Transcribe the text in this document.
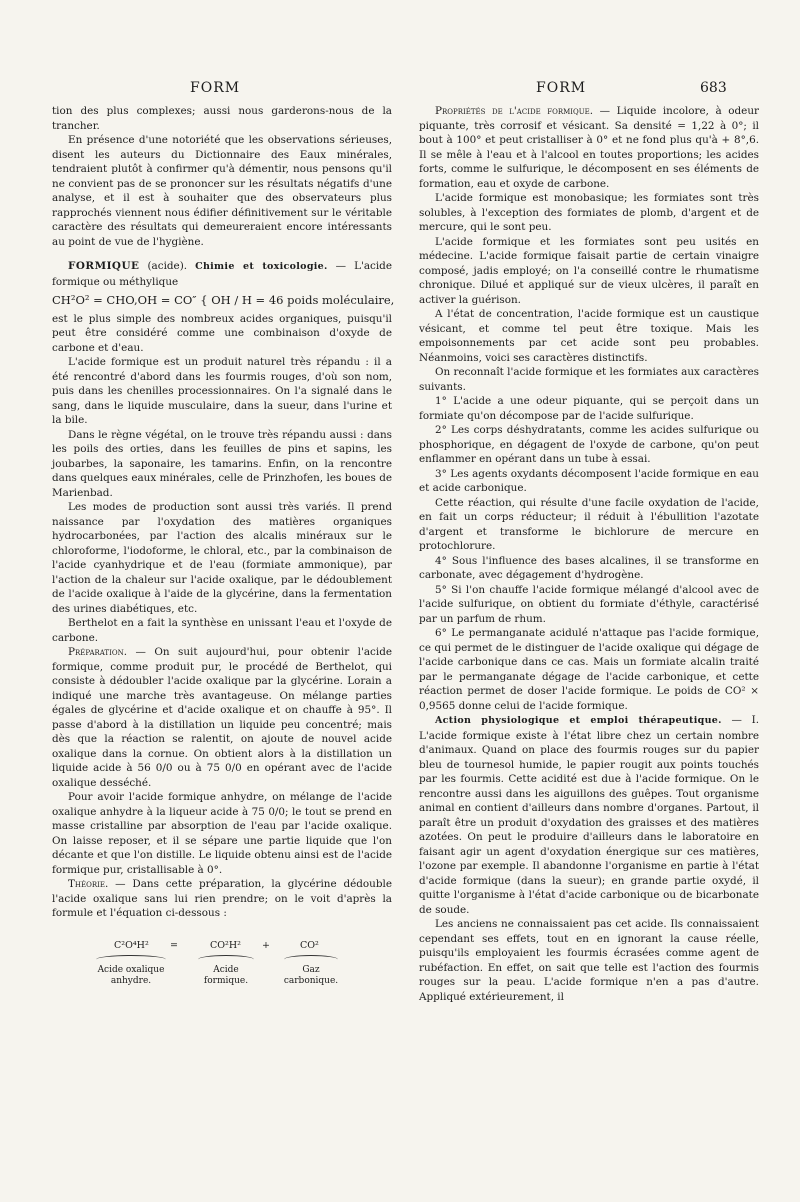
FORM	FORM	683

tion des plus complexes; aussi nous garderons-nous de la trancher.

En présence d'une notoriété que les observations sérieuses, disent les auteurs du Dictionnaire des Eaux minérales, tendraient plutôt à confirmer qu'à démentir, nous pensons qu'il ne convient pas de se prononcer sur les résultats négatifs d'une analyse, et il est à souhaiter que des observateurs plus rapprochés viennent nous édifier définitivement sur le véritable caractère des résultats qui demeureraient encore intéressants au point de vue de l'hygiène.

FORMIQUE (acide). Chimie et toxicologie. — L'acide formique ou méthylique

CH²O² = CHO,OH = CO″ { OH / H = 46 poids moléculaire,

est le plus simple des nombreux acides organiques, puisqu'il peut être considéré comme une combinaison d'oxyde de carbone et d'eau.

L'acide formique est un produit naturel très répandu : il a été rencontré d'abord dans les fourmis rouges, d'où son nom, puis dans les chenilles processionnaires. On l'a signalé dans le sang, dans le liquide musculaire, dans la sueur, dans l'urine et la bile.

Dans le règne végétal, on le trouve très répandu aussi : dans les poils des orties, dans les feuilles de pins et sapins, les joubarbes, la saponaire, les tamarins. Enfin, on la rencontre dans quelques eaux minérales, celle de Prinzhofen, les boues de Marienbad.

Les modes de production sont aussi très variés. Il prend naissance par l'oxydation des matières organiques hydrocarbonées, par l'action des alcalis minéraux sur le chloroforme, l'iodoforme, le chloral, etc., par la combinaison de l'acide cyanhydrique et de l'eau (formiate ammonique), par l'action de la chaleur sur l'acide oxalique, par le dédoublement de l'acide oxalique à l'aide de la glycérine, dans la fermentation des urines diabétiques, etc.

Berthelot en a fait la synthèse en unissant l'eau et l'oxyde de carbone.

Préparation. — On suit aujourd'hui, pour obtenir l'acide formique, comme produit pur, le procédé de Berthelot, qui consiste à dédoubler l'acide oxalique par la glycérine. Lorain a indiqué une marche très avantageuse. On mélange parties égales de glycérine et d'acide oxalique et on chauffe à 95°. Il passe d'abord à la distillation un liquide peu concentré; mais dès que la réaction se ralentit, on ajoute de nouvel acide oxalique dans la cornue. On obtient alors à la distillation un liquide acide à 56 0/0 ou à 75 0/0 en opérant avec de l'acide oxalique desséché.

Pour avoir l'acide formique anhydre, on mélange de l'acide oxalique anhydre à la liqueur acide à 75 0/0; le tout se prend en masse cristalline par absorption de l'eau par l'acide oxalique. On laisse reposer, et il se sépare une partie liquide que l'on décante et que l'on distille. Le liquide obtenu ainsi est de l'acide formique pur, cristallisable à 0°.

Théorie. — Dans cette préparation, la glycérine dédouble l'acide oxalique sans lui rien prendre; on le voit d'après la formule et l'équation ci-dessous :

C²O⁴H² =	CO²H² +	CO²
Acide oxalique anhydre.
Acide formique.
Gaz carbonique.

Propriétés de l'acide formique. — Liquide incolore, à odeur piquante, très corrosif et vésicant. Sa densité = 1,22 à 0°; il bout à 100° et peut cristalliser à 0° et ne fond plus qu'à + 8°,6. Il se mêle à l'eau et à l'alcool en toutes proportions; les acides forts, comme le sulfurique, le décomposent en ses éléments de formation, eau et oxyde de carbone.

L'acide formique est monobasique; les formiates sont très solubles, à l'exception des formiates de plomb, d'argent et de mercure, qui le sont peu.

L'acide formique et les formiates sont peu usités en médecine. L'acide formique faisait partie de certain vinaigre composé, jadis employé; on l'a conseillé contre le rhumatisme chronique. Dilué et appliqué sur de vieux ulcères, il paraît en activer la guérison.

A l'état de concentration, l'acide formique est un caustique vésicant, et comme tel peut être toxique. Mais les empoisonnements par cet acide sont peu probables. Néanmoins, voici ses caractères distinctifs.

On reconnaît l'acide formique et les formiates aux caractères suivants.

1° L'acide a une odeur piquante, qui se perçoit dans un formiate qu'on décompose par de l'acide sulfurique.

2° Les corps déshydratants, comme les acides sulfurique ou phosphorique, en dégagent de l'oxyde de carbone, qu'on peut enflammer en opérant dans un tube à essai.

3° Les agents oxydants décomposent l'acide formique en eau et acide carbonique.

Cette réaction, qui résulte d'une facile oxydation de l'acide, en fait un corps réducteur; il réduit à l'ébullition l'azotate d'argent et transforme le bichlorure de mercure en protochlorure.

4° Sous l'influence des bases alcalines, il se transforme en carbonate, avec dégagement d'hydrogène.

5° Si l'on chauffe l'acide formique mélangé d'alcool avec de l'acide sulfurique, on obtient du formiate d'éthyle, caractérisé par un parfum de rhum.

6° Le permanganate acidulé n'attaque pas l'acide formique, ce qui permet de le distinguer de l'acide oxalique qui dégage de l'acide carbonique dans ce cas. Mais un formiate alcalin traité par le permanganate dégage de l'acide carbonique, et cette réaction permet de doser l'acide formique. Le poids de CO² × 0,9565 donne celui de l'acide formique.

Action physiologique et emploi thérapeutique. — I. L'acide formique existe à l'état libre chez un certain nombre d'animaux. Quand on place des fourmis rouges sur du papier bleu de tournesol humide, le papier rougit aux points touchés par les fourmis. Cette acidité est due à l'acide formique. On le rencontre aussi dans les aiguillons des guêpes. Tout organisme animal en contient d'ailleurs dans nombre d'organes. Partout, il paraît être un produit d'oxydation des graisses et des matières azotées. On peut le produire d'ailleurs dans le laboratoire en faisant agir un agent d'oxydation énergique sur ces matières, l'ozone par exemple. Il abandonne l'organisme en partie à l'état d'acide formique (dans la sueur); en grande partie oxydé, il quitte l'organisme à l'état d'acide carbonique ou de bicarbonate de soude.

Les anciens ne connaissaient pas cet acide. Ils connaissaient cependant ses effets, tout en en ignorant la cause réelle, puisqu'ils employaient les fourmis écrasées comme agent de rubéfaction. En effet, on sait que telle est l'action des fourmis rouges sur la peau. L'acide formique n'en a pas d'autre. Appliqué extérieurement, il
